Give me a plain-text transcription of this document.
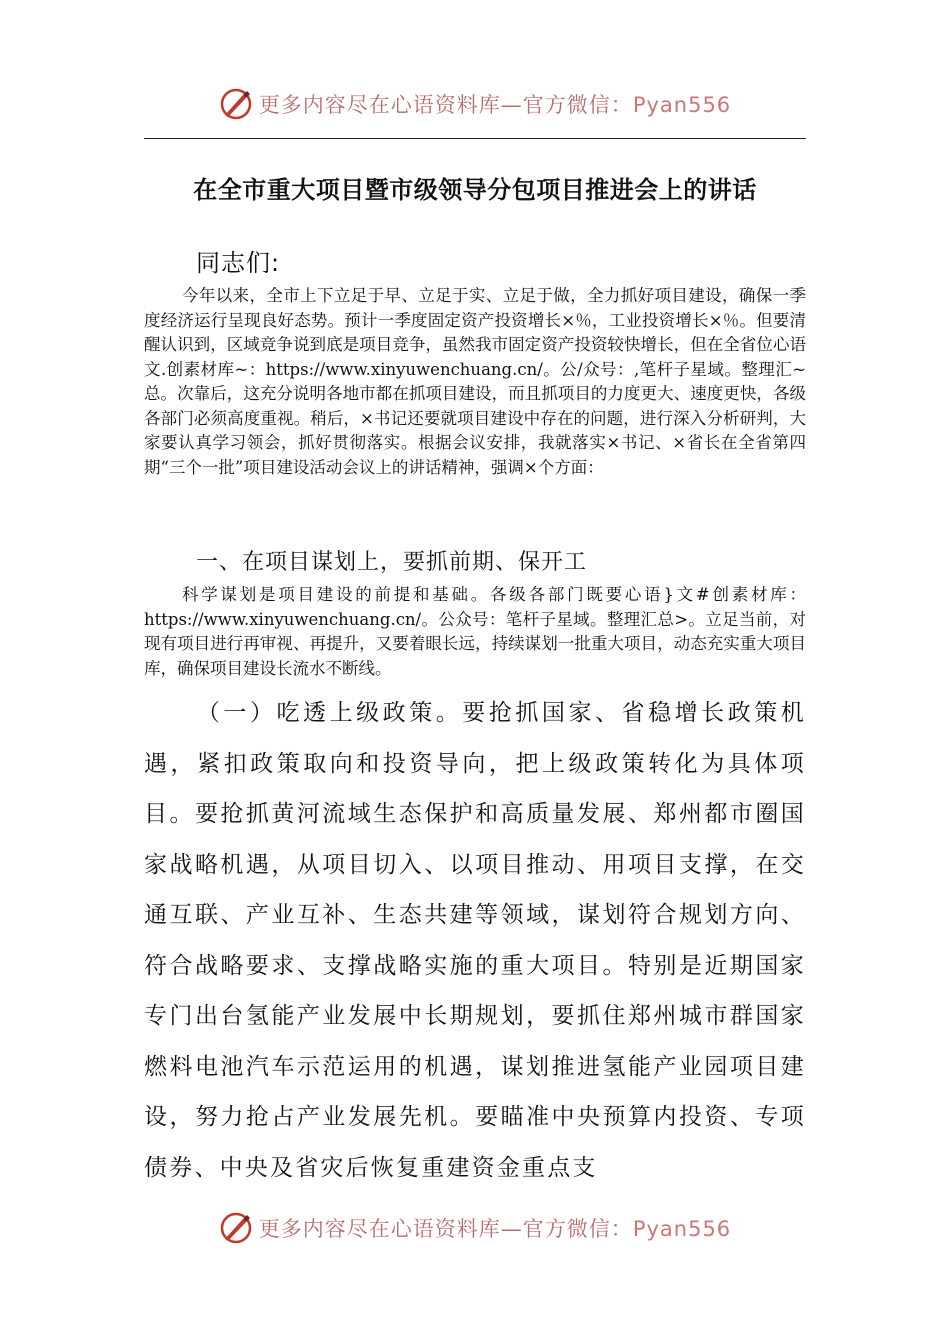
更多内容尽在心语资料库—官方微信：Pyan556
在全市重大项目暨市级领导分包项目推进会上的讲话
同志们:
今年以来，全市上下立足于早、立足于实、立足于做，全力抓好项目建设，确保一季度经济运行呈现良好态势。预计一季度固定资产投资增长×％，工业投资增长×％。但要清醒认识到，区域竞争说到底是项目竞争，虽然我市固定资产投资较快增长，但在全省位心语文.创素材库~：https://www.xinyuwenchuang.cn/。公/众号：,笔杆子星域。整理汇~总。次靠后，这充分说明各地市都在抓项目建设，而且抓项目的力度更大、速度更快，各级各部门必须高度重视。稍后，×书记还要就项目建设中存在的问题，进行深入分析研判，大家要认真学习领会，抓好贯彻落实。根据会议安排，我就落实×书记、×省长在全省第四期“三个一批”项目建设活动会议上的讲话精神，强调×个方面：
一、在项目谋划上，要抓前期、保开工
科学谋划是项目建设的前提和基础。各级各部门既要心语}文#创素材库：https://www.xinyuwenchuang.cn/。公众号：笔杆子星域。整理汇总>。立足当前，对现有项目进行再审视、再提升，又要着眼长远，持续谋划一批重大项目，动态充实重大项目库，确保项目建设长流水不断线。
（一）吃透上级政策。要抢抓国家、省稳增长政策机遇，紧扣政策取向和投资导向，把上级政策转化为具体项目。要抢抓黄河流域生态保护和高质量发展、郑州都市圈国家战略机遇，从项目切入、以项目推动、用项目支撑，在交通互联、产业互补、生态共建等领域，谋划符合规划方向、符合战略要求、支撑战略实施的重大项目。特别是近期国家专门出台氢能产业发展中长期规划，要抓住郑州城市群国家燃料电池汽车示范运用的机遇，谋划推进氢能产业园项目建设，努力抢占产业发展先机。要瞄准中央预算内投资、专项债券、中央及省灾后恢复重建资金重点支
更多内容尽在心语资料库—官方微信：Pyan556
